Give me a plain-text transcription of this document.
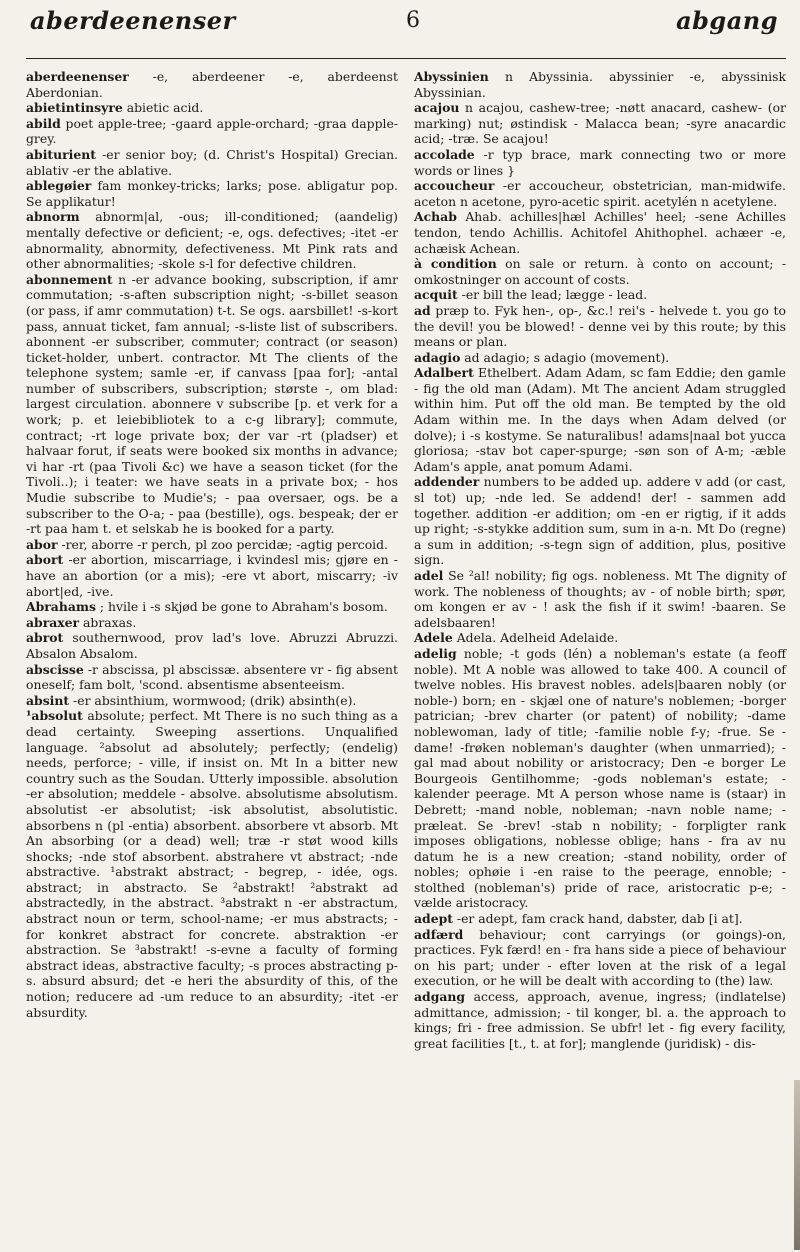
aberdeenenser	6	abgang

aberdeenenser -e, aberdeener -e, aberdeenst Aberdonian.

abietintinsyre abietic acid.

abild poet apple-tree; -gaard apple-orchard; -graa dapple-grey.

abiturient -er senior boy; (d. Christ's Hospital) Grecian. ablativ -er the ablative.

ablegøier fam monkey-tricks; larks; pose. abligatur pop. Se applikatur!

abnorm abnorm|al, -ous; ill-conditioned; (aandelig) mentally defective or deficient; -e, ogs. defectives; -itet -er abnormality, abnormity, defectiveness. Mt Pink rats and other abnormalities; -skole s-l for defective children.

abonnement n -er advance booking, subscription, if amr commutation; -s-aften subscription night; -s-billet season (or pass, if amr commutation) t-t. Se ogs. aarsbillet! -s-kort pass, annuat ticket, fam annual; -s-liste list of subscribers. abonnent -er subscriber, commuter; contract (or season) ticket-holder, unbert. contractor. Mt The clients of the telephone system; samle -er, if canvass [paa for]; -antal number of subscribers, subscription; største -, om blad: largest circulation. abonnere v subscribe [p. et verk for a work; p. et leiebibliotek to a c-g library]; commute, contract; -rt loge private box; der var -rt (pladser) et halvaar forut, if seats were booked six months in advance; vi har -rt (paa Tivoli &c) we have a season ticket (for the Tivoli..); i teater: we have seats in a private box; - hos Mudie subscribe to Mudie's; - paa oversaer, ogs. be a subscriber to the O-a; - paa (bestille), ogs. bespeak; der er -rt paa ham t. et selskab he is booked for a party.

abor -rer, aborre -r perch, pl zoo percidæ; -agtig percoid.

abort -er abortion, miscarriage, i kvindesl mis; gjøre en - have an abortion (or a mis); -ere vt abort, miscarry; -iv abort|ed, -ive.

Abrahams ; hvile i -s skjød be gone to Abraham's bosom.

abraxer abraxas.

abrot southernwood, prov lad's love. Abruzzi Abruzzi. Absalon Absalom.

abscisse -r abscissa, pl abscissæ. absentere vr - fig absent oneself; fam bolt, 'scond. absentisme absenteeism.

absint -er absinthium, wormwood; (drik) absinth(e).

¹absolut absolute; perfect. Mt There is no such thing as a dead certainty. Sweeping assertions. Unqualified language. ²absolut ad absolutely; perfectly; (endelig) needs, perforce; - ville, if insist on. Mt In a bitter new country such as the Soudan. Utterly impossible. absolution -er absolution; meddele - absolve. absolutisme absolutism. absolutist -er absolutist; -isk absolutist, absolutistic. absorbens n (pl -entia) absorbent. absorbere vt absorb. Mt An absorbing (or a dead) well; træ -r støt wood kills shocks; -nde stof absorbent. abstrahere vt abstract; -nde abstractive. ¹abstrakt abstract; - begrep, - idée, ogs. abstract; in abstracto. Se ²abstrakt! ²abstrakt ad abstractedly, in the abstract. ³abstrakt n -er abstractum, abstract noun or term, school-name; -er mus abstracts; - for konkret abstract for concrete. abstraktion -er abstraction. Se ³abstrakt! -s-evne a faculty of forming abstract ideas, abstractive faculty; -s proces abstracting p-s. absurd absurd; det -e heri the absurdity of this, of the notion; reducere ad -um reduce to an absurdity; -itet -er absurdity.

Abyssinien n Abyssinia. abyssinier -e, abyssinisk Abyssinian.

acajou n acajou, cashew-tree; -nøtt anacard, cashew- (or marking) nut; østindisk - Malacca bean; -syre anacardic acid; -træ. Se acajou!

accolade -r typ brace, mark connecting two or more words or lines }

accoucheur -er accoucheur, obstetrician, man-midwife. aceton n acetone, pyro-acetic spirit. acetylén n acetylene.

Achab Ahab. achilles|hæl Achilles' heel; -sene Achilles tendon, tendo Achillis. Achitofel Ahithophel. achæer -e, achæisk Achean.

à condition on sale or return. à conto on account; - omkostninger on account of costs.

acquit -er bill the lead; lægge - lead.

ad præp to. Fyk hen-, op-, &c.! rei's - helvede t. you go to the devil! you be blowed! - denne vei by this route; by this means or plan.

adagio ad adagio; s adagio (movement).

Adalbert Ethelbert. Adam Adam, sc fam Eddie; den gamle - fig the old man (Adam). Mt The ancient Adam struggled within him. Put off the old man. Be tempted by the old Adam within me. In the days when Adam delved (or dolve); i -s kostyme. Se naturalibus! adams|naal bot yucca gloriosa; -stav bot caper-spurge; -søn son of A-m; -æble Adam's apple, anat pomum Adami.

addender numbers to be added up. addere v add (or cast, sl tot) up; -nde led. Se addend! der! - sammen add together. addition -er addition; om -en er rigtig, if it adds up right; -s-stykke addition sum, sum in a-n. Mt Do (regne) a sum in addition; -s-tegn sign of addition, plus, positive sign.

adel Se ²al! nobility; fig ogs. nobleness. Mt The dignity of work. The nobleness of thoughts; av - of noble birth; spør, om kongen er av - ! ask the fish if it swim! -baaren. Se adelsbaaren!

Adele Adela. Adelheid Adelaide.

adelig noble; -t gods (lén) a nobleman's estate (a feoff noble). Mt A noble was allowed to take 400. A council of twelve nobles. His bravest nobles. adels|baaren nobly (or noble-) born; en - skjæl one of nature's noblemen; -borger patrician; -brev charter (or patent) of nobility; -dame noblewoman, lady of title; -familie noble f-y; -frue. Se -dame! -frøken nobleman's daughter (when unmarried); -gal mad about nobility or aristocracy; Den -e borger Le Bourgeois Gentilhomme; -gods nobleman's estate; -kalender peerage. Mt A person whose name is (staar) in Debrett; -mand noble, nobleman; -navn noble name; -præleat. Se -brev! -stab n nobility; - forpligter rank imposes obligations, noblesse oblige; hans - fra av nu datum he is a new creation; -stand nobility, order of nobles; ophøie i -en raise to the peerage, ennoble; -stolthed (nobleman's) pride of race, aristocratic p-e; -vælde aristocracy.

adept -er adept, fam crack hand, dabster, dab [i at].

adfærd behaviour; cont carryings (or goings)-on, practices. Fyk færd! en - fra hans side a piece of behaviour on his part; under - efter loven at the risk of a legal execution, or he will be dealt with according to (the) law.

adgang access, approach, avenue, ingress; (indlatelse) admittance, admission; - til konger, bl. a. the approach to kings; fri - free admission. Se ubfr! let - fig every facility, great facilities [t., t. at for]; manglende (juridisk) - dis-
